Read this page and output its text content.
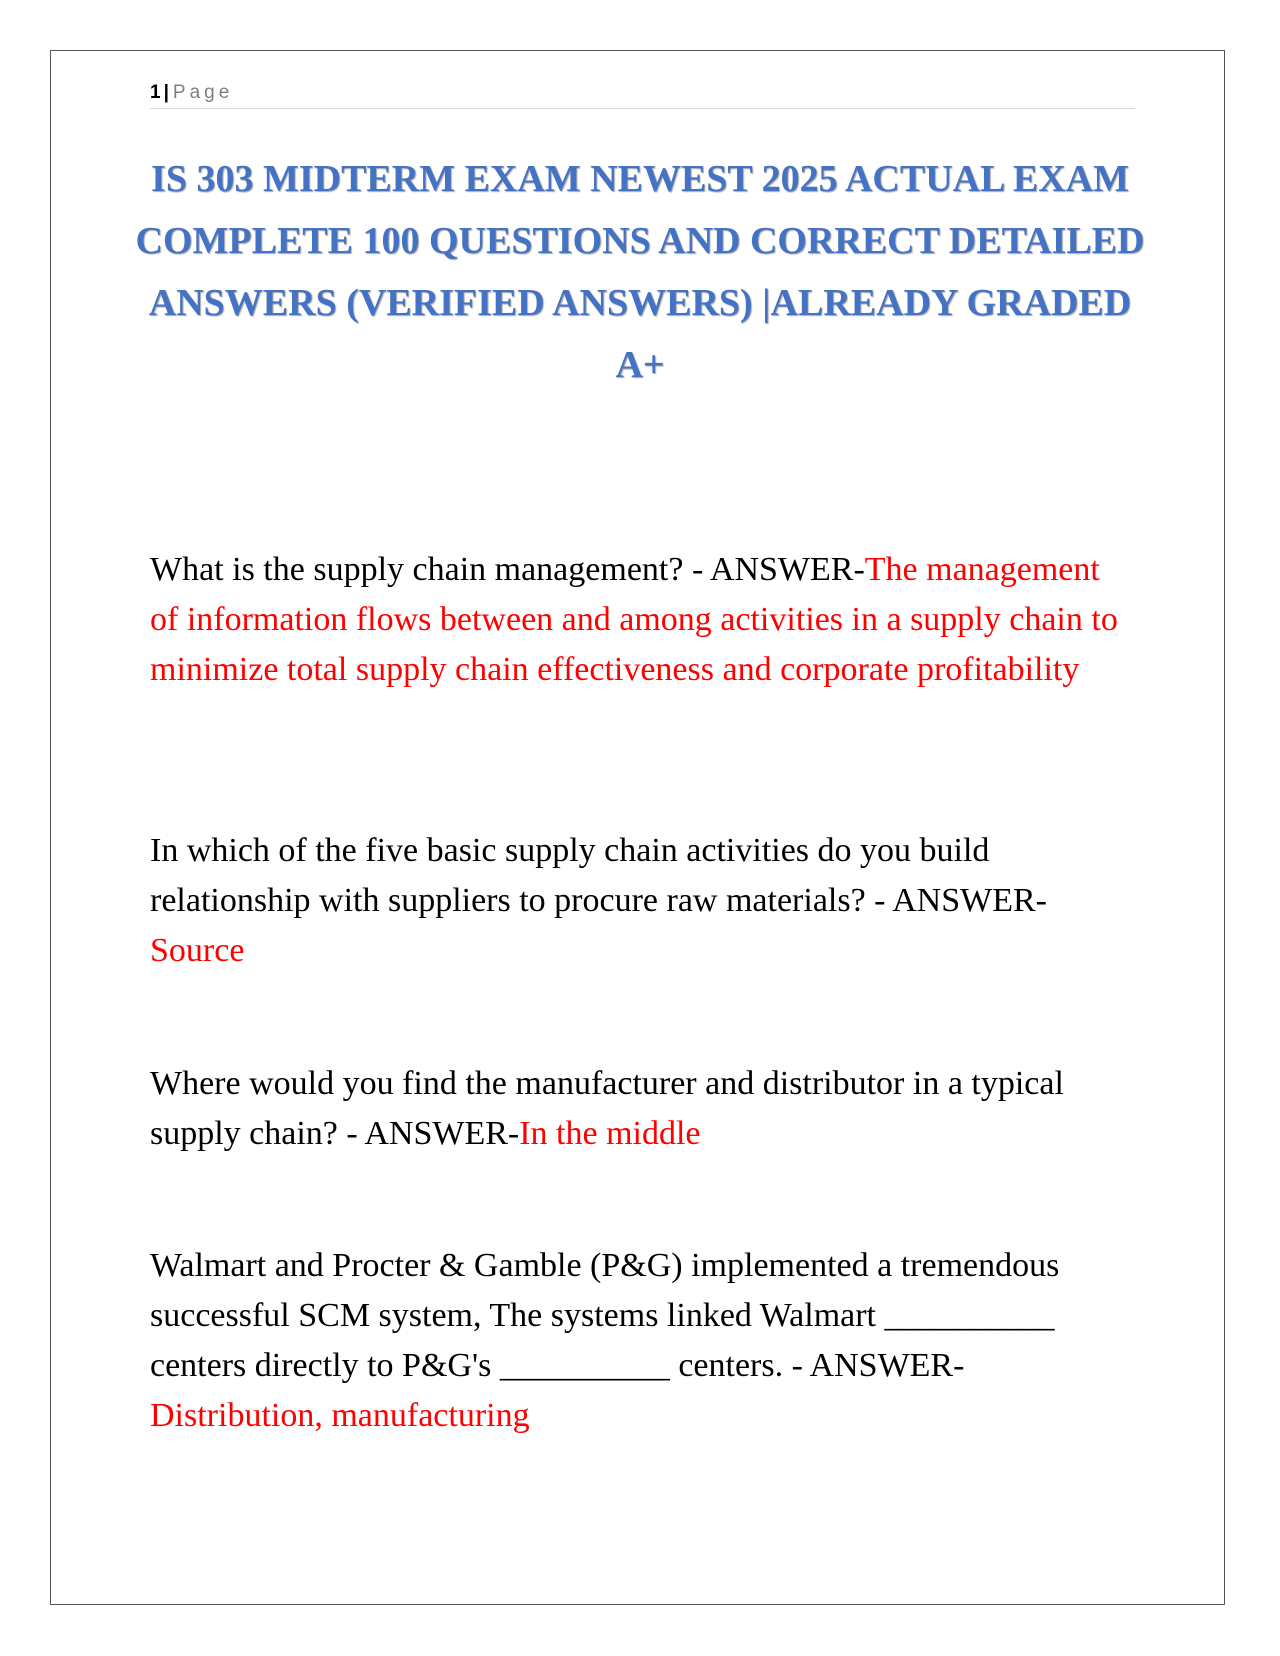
1 | Page
IS 303 MIDTERM EXAM NEWEST 2025 ACTUAL EXAM COMPLETE 100 QUESTIONS AND CORRECT DETAILED ANSWERS (VERIFIED ANSWERS) |ALREADY GRADED A+

What is the supply chain management? - ANSWER-The management of information flows between and among activities in a supply chain to minimize total supply chain effectiveness and corporate profitability

In which of the five basic supply chain activities do you build relationship with suppliers to procure raw materials? - ANSWER-Source

Where would you find the manufacturer and distributor in a typical supply chain? - ANSWER-In the middle

Walmart and Procter & Gamble (P&G) implemented a tremendous successful SCM system, The systems linked Walmart __________ centers directly to P&G's __________ centers. - ANSWER-Distribution, manufacturing
